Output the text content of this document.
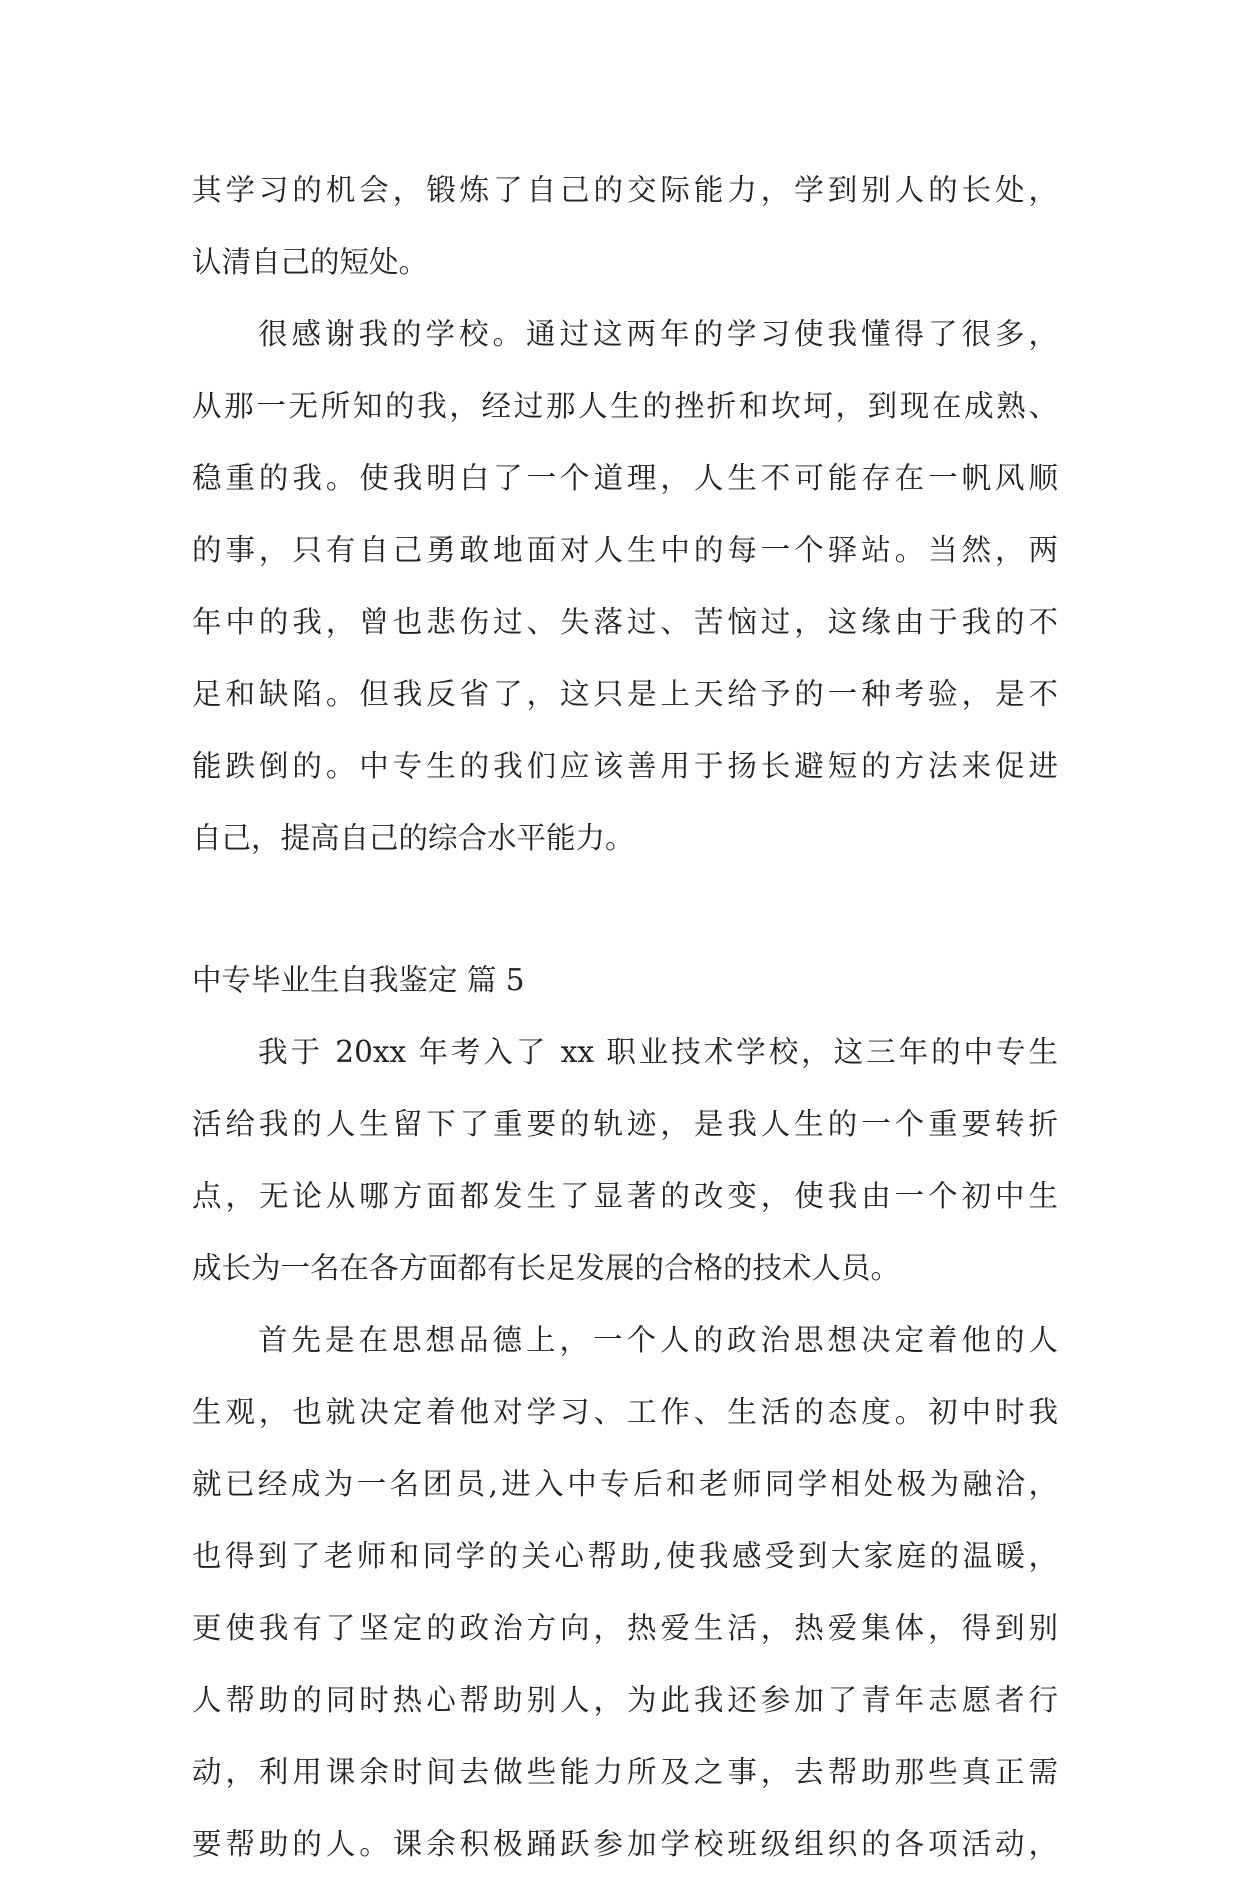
其学习的机会，锻炼了自己的交际能力，学到别人的长处，
认清自己的短处。
很感谢我的学校。通过这两年的学习使我懂得了很多，
从那一无所知的我，经过那人生的挫折和坎坷，到现在成熟、
稳重的我。使我明白了一个道理，人生不可能存在一帆风顺
的事，只有自己勇敢地面对人生中的每一个驿站。当然，两
年中的我，曾也悲伤过、失落过、苦恼过，这缘由于我的不
足和缺陷。但我反省了，这只是上天给予的一种考验，是不
能跌倒的。中专生的我们应该善用于扬长避短的方法来促进
自己，提高自己的综合水平能力。
中专毕业生自我鉴定 篇 5
我于 20xx 年考入了 xx 职业技术学校，这三年的中专生
活给我的人生留下了重要的轨迹，是我人生的一个重要转折
点，无论从哪方面都发生了显著的改变，使我由一个初中生
成长为一名在各方面都有长足发展的合格的技术人员。
首先是在思想品德上，一个人的政治思想决定着他的人
生观，也就决定着他对学习、工作、生活的态度。初中时我
就已经成为一名团员,进入中专后和老师同学相处极为融洽，
也得到了老师和同学的关心帮助,使我感受到大家庭的温暖，
更使我有了坚定的政治方向，热爱生活，热爱集体，得到别
人帮助的同时热心帮助别人，为此我还参加了青年志愿者行
动，利用课余时间去做些能力所及之事，去帮助那些真正需
要帮助的人。课余积极踊跃参加学校班级组织的各项活动，
